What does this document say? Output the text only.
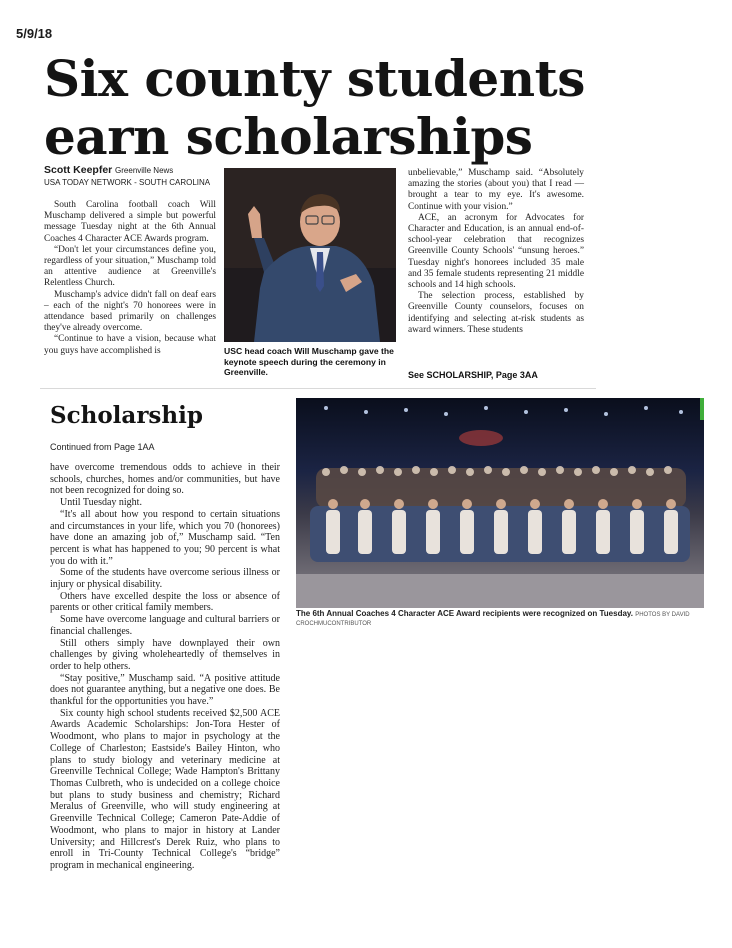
5/9/18
Six county students
earn scholarships
Scott Keepfer Greenville News
USA TODAY NETWORK - SOUTH CAROLINA

South Carolina football coach Will Muschamp delivered a simple but powerful message Tuesday night at the 6th Annual Coaches 4 Character ACE Awards program.

“Don't let your circumstances define you, regardless of your situation,” Muschamp told an attentive audience at Greenville's Relentless Church.

Muschamp's advice didn't fall on deaf ears – each of the night's 70 honorees were in attendance based primarily on challenges they've already overcome.

“Continue to have a vision, because what you guys have accomplished is	USC head coach Will Muschamp gave the keynote speech during the ceremony in Greenville.

unbelievable,” Muschamp said. “Absolutely amazing the stories (about you) that I read — brought a tear to my eye. It's awesome. Continue with your vision.”

ACE, an acronym for Advocates for Character and Education, is an annual end-of-school-year celebration that recognizes Greenville County Schools' “unsung heroes.” Tuesday night's honorees included 35 male and 35 female students representing 21 middle schools and 14 high schools.

The selection process, established by Greenville County counselors, focuses on identifying and selecting at-risk students as award winners. These students

See SCHOLARSHIP, Page 3AA
Scholarship
Continued from Page 1AA

have overcome tremendous odds to achieve in their schools, churches, homes and/or communities, but have not been recognized for doing so.

Until Tuesday night.

“It's all about how you respond to certain situations and circumstances in your life, which you 70 (honorees) have done an amazing job of,” Muschamp said. “Ten percent is what has happened to you; 90 percent is what you do with it.”

Some of the students have overcome serious illness or injury or physical disability.

Others have excelled despite the loss or absence of parents or other critical family members.

Some have overcome language and cultural barriers or financial challenges.

Still others simply have downplayed their own challenges by giving wholeheartedly of themselves in order to help others.

“Stay positive,” Muschamp said. “A positive attitude does not guarantee anything, but a negative one does. Be thankful for the opportunities you have.”

Six county high school students received $2,500 ACE Awards Academic Scholarships: Jon-Tora Hester of Woodmont, who plans to major in psychology at the College of Charleston; Eastside's Bailey Hinton, who plans to study biology and veterinary medicine at Greenville Technical College; Wade Hampton's Brittany Thomas Culbreth, who is undecided on a college choice but plans to study business and chemistry; Richard Meralus of Greenville, who will study engineering at Greenville Technical College; Cameron Pate-Addie of Woodmont, who plans to major in history at Lander University; and Hillcrest's Derek Ruiz, who plans to enroll in Tri-County Technical College's “bridge” program in mechanical engineering.

The 6th Annual Coaches 4 Character ACE Award recipients were recognized on Tuesday. PHOTOS BY DAVID CROCHMUCONTRIBUTOR
